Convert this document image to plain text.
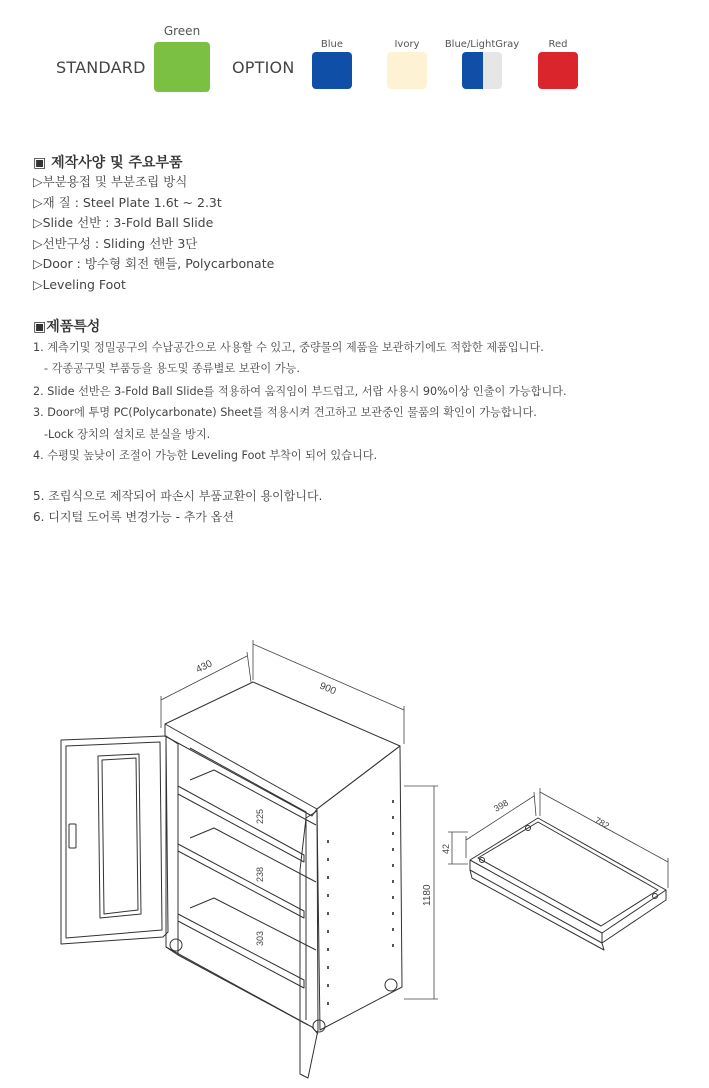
STANDARD
Green
OPTION
Blue	Ivory	Blue/LightGray	Red
▣ 제작사양 및 주요부품
▷부분용접 및 부분조립 방식
▷재 질 : Steel Plate 1.6t ~ 2.3t
▷Slide 선반 : 3-Fold Ball Slide
▷선반구성 : Sliding 선반 3단
▷Door : 방수형 회전 핸들, Polycarbonate
▷Leveling Foot
▣제품특성
1. 계측기및 정밀공구의 수납공간으로 사용할 수 있고, 중량물의 제품을 보관하기에도 적합한 제품입니다.
- 각종공구및 부품등을 용도및 종류별로 보관이 가능.
2. Slide 선반은 3-Fold Ball Slide를 적용하여 움직임이 부드럽고, 서랍 사용시 90%이상 인출이 가능합니다.
3. Door에 투명 PC(Polycarbonate) Sheet를 적용시켜 견고하고 보관중인 물품의 확인이 가능합니다.
-Lock 장치의 설치로 분실을 방지.
4. 수평및 높낮이 조절이 가능한 Leveling Foot 부착이 되어 있습니다.
5. 조립식으로 제작되어 파손시 부품교환이 용이합니다.
6. 디지털 도어록 변경가능 - 추가 옵션
430
900
1180
225
238
303
398
782
42
